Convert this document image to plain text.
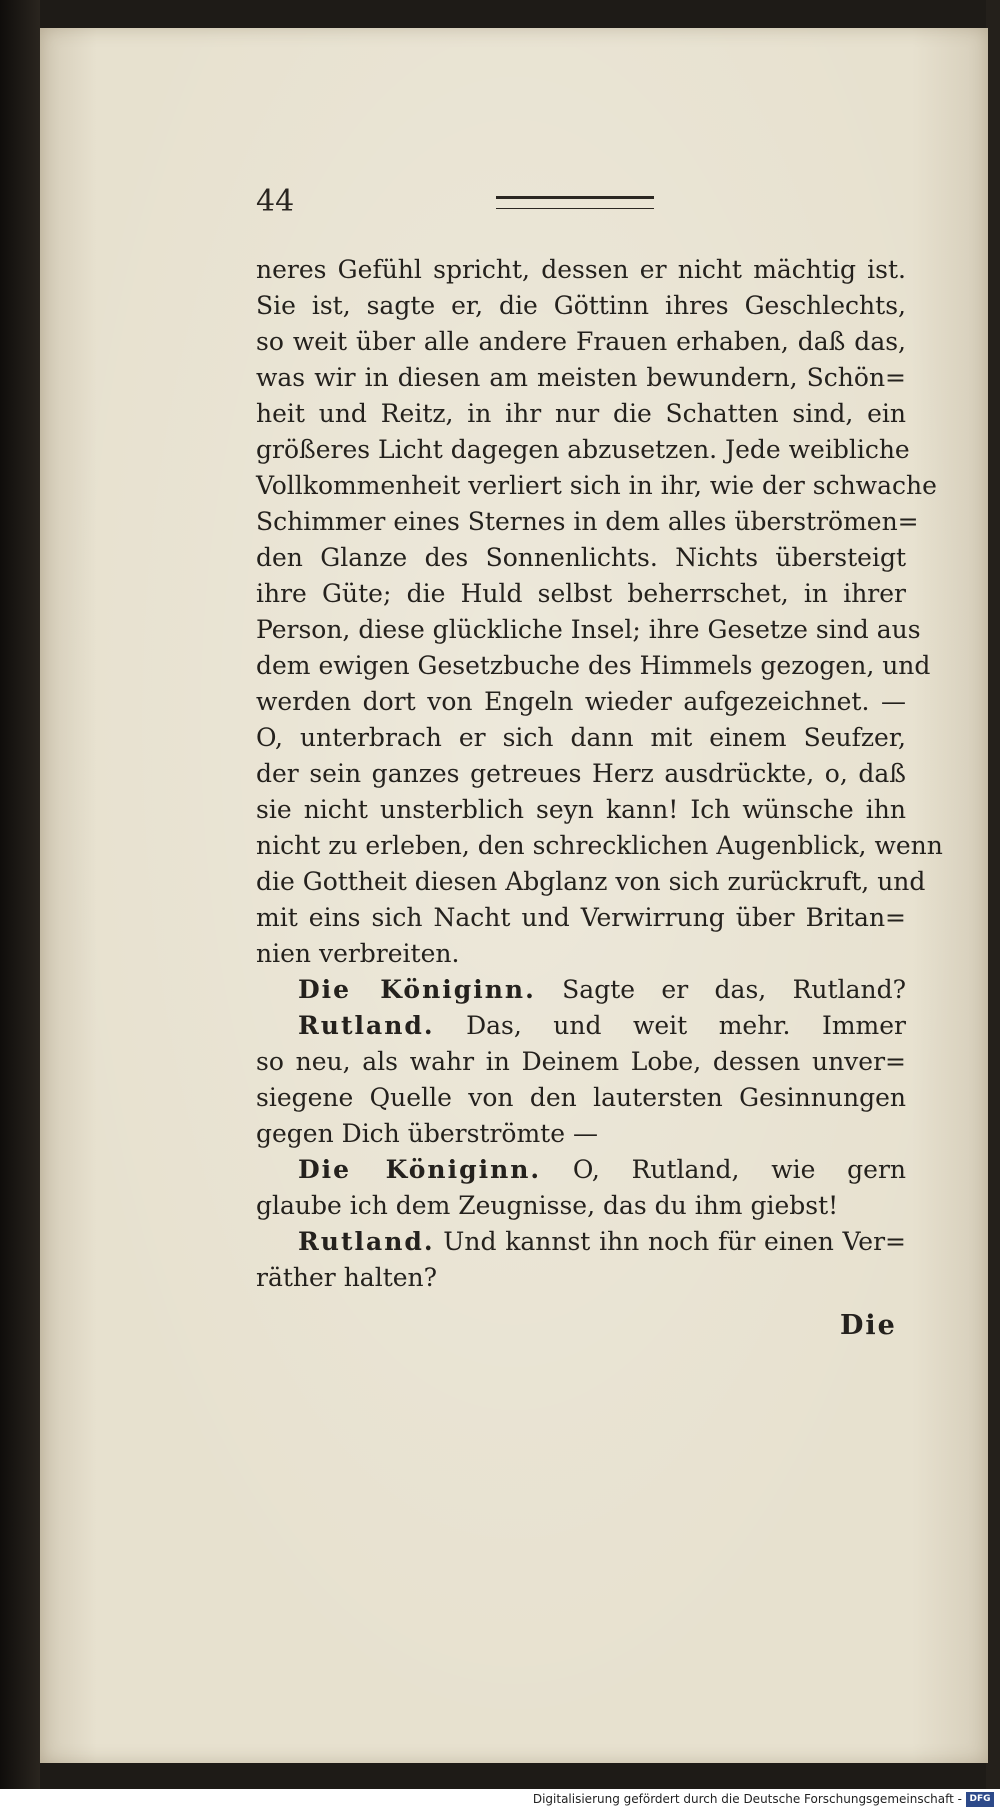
44
neres Gefühl spricht, dessen er nicht mächtig ist.
Sie ist, sagte er, die Göttinn ihres Geschlechts,
so weit über alle andere Frauen erhaben, daß das,
was wir in diesen am meisten bewundern, Schön=
heit und Reitz, in ihr nur die Schatten sind, ein
größeres Licht dagegen abzusetzen. Jede weibliche
Vollkommenheit verliert sich in ihr, wie der schwache
Schimmer eines Sternes in dem alles überströmen=
den Glanze des Sonnenlichts. Nichts übersteigt
ihre Güte; die Huld selbst beherrschet, in ihrer
Person, diese glückliche Insel; ihre Gesetze sind aus
dem ewigen Gesetzbuche des Himmels gezogen, und
werden dort von Engeln wieder aufgezeichnet. —
O, unterbrach er sich dann mit einem Seufzer,
der sein ganzes getreues Herz ausdrückte, o, daß
sie nicht unsterblich seyn kann! Ich wünsche ihn
nicht zu erleben, den schrecklichen Augenblick, wenn
die Gottheit diesen Abglanz von sich zurückruft, und
mit eins sich Nacht und Verwirrung über Britan=
nien verbreiten.
Die Königinn. Sagte er das, Rutland?
Rutland. Das, und weit mehr. Immer
so neu, als wahr in Deinem Lobe, dessen unver=
siegene Quelle von den lautersten Gesinnungen
gegen Dich überströmte —
Die Königinn. O, Rutland, wie gern
glaube ich dem Zeugnisse, das du ihm giebst!
Rutland. Und kannst ihn noch für einen Ver=
räther halten?
Die
Digitalisierung gefördert durch die Deutsche Forschungsgemeinschaft - DFG
